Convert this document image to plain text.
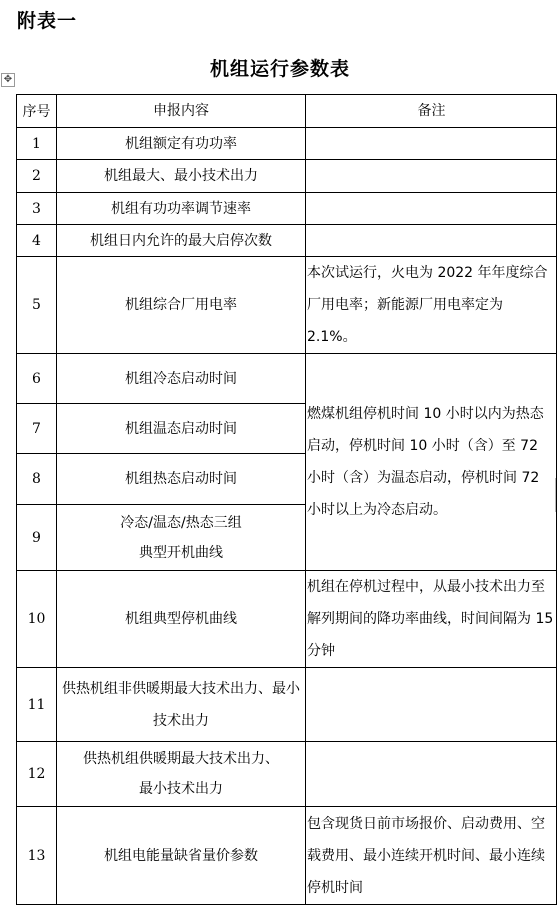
附表一
✥	机组运行参数表
序号	申报内容	备注
1	机组额定有功功率	
2	机组最大、最小技术出力	
3	机组有功功率调节速率	
4	机组日内允许的最大启停次数	
5	机组综合厂用电率	本次试运行，火电为 2022 年年度综合厂用电率；新能源厂用电率定为 2.1%。
6	机组冷态启动时间	燃煤机组停机时间 10 小时以内为热态启动，停机时间 10 小时（含）至 72 小时（含）为温态启动，停机时间 72 小时以上为冷态启动。
7	机组温态启动时间	
8	机组热态启动时间	
9	冷态/温态/热态三组
典型开机曲线	

10	机组典型停机曲线	机组在停机过程中，从最小技术出力至解列期间的降功率曲线，时间间隔为 15 分钟
11	供热机组非供暖期最大技术出力、最小技术出力	
12	供热机组供暖期最大技术出力、
最小技术出力	

13	机组电能量缺省量价参数	包含现货日前市场报价、启动费用、空载费用、最小连续开机时间、最小连续停机时间
